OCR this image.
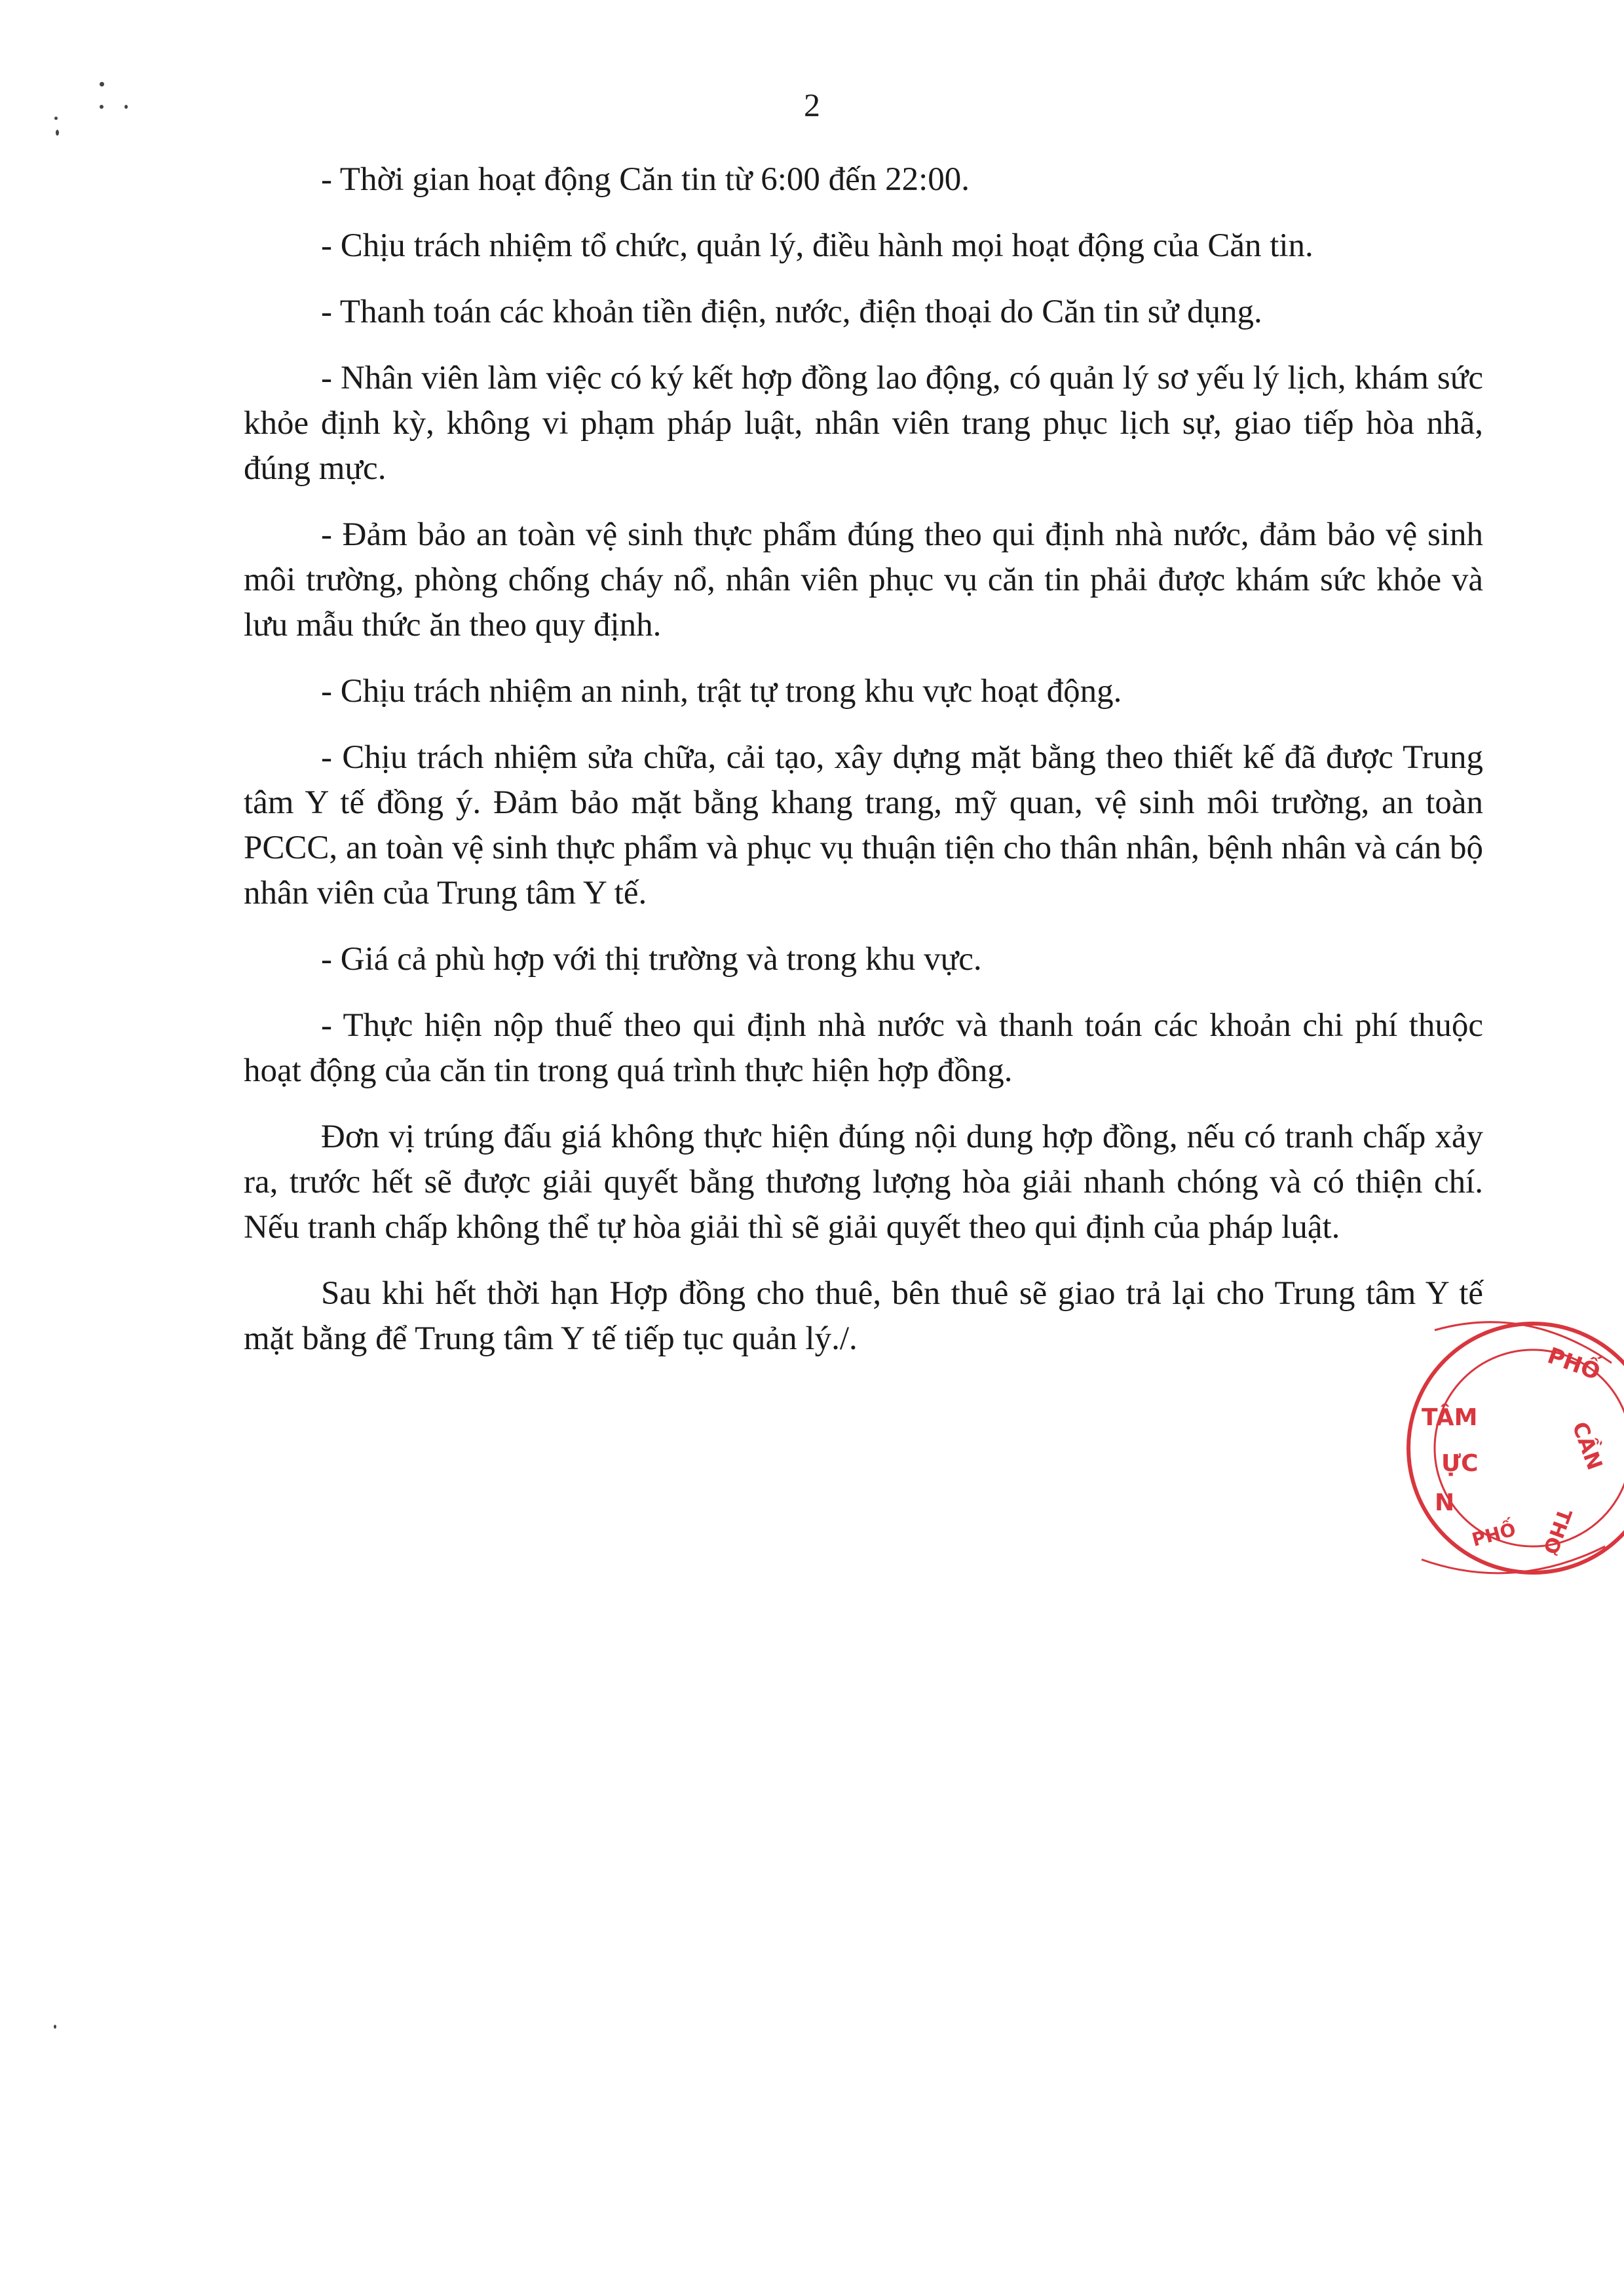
2

- Thời gian hoạt động Căn tin từ 6:00 đến 22:00.

- Chịu trách nhiệm tổ chức, quản lý, điều hành mọi hoạt động của Căn tin.

- Thanh toán các khoản tiền điện, nước, điện thoại do Căn tin sử dụng.

- Nhân viên làm việc có ký kết hợp đồng lao động, có quản lý sơ yếu lý lịch, khám sức khỏe định kỳ, không vi phạm pháp luật, nhân viên trang phục lịch sự, giao tiếp hòa nhã, đúng mực.

- Đảm bảo an toàn vệ sinh thực phẩm đúng theo qui định nhà nước, đảm bảo vệ sinh môi trường, phòng chống cháy nổ, nhân viên phục vụ căn tin phải được khám sức khỏe và lưu mẫu thức ăn theo quy định.

- Chịu trách nhiệm an ninh, trật tự trong khu vực hoạt động.

- Chịu trách nhiệm sửa chữa, cải tạo, xây dựng mặt bằng theo thiết kế đã được Trung tâm Y tế đồng ý. Đảm bảo mặt bằng khang trang, mỹ quan, vệ sinh môi trường, an toàn PCCC, an toàn vệ sinh thực phẩm và phục vụ thuận tiện cho thân nhân, bệnh nhân và cán bộ nhân viên của Trung tâm Y tế.

- Giá cả phù hợp với thị trường và trong khu vực.

- Thực hiện nộp thuế theo qui định nhà nước và thanh toán các khoản chi phí thuộc hoạt động của căn tin trong quá trình thực hiện hợp đồng.

Đơn vị trúng đấu giá không thực hiện đúng nội dung hợp đồng, nếu có tranh chấp xảy ra, trước hết sẽ được giải quyết bằng thương lượng hòa giải nhanh chóng và có thiện chí. Nếu tranh chấp không thể tự hòa giải thì sẽ giải quyết theo qui định của pháp luật.

Sau khi hết thời hạn Hợp đồng cho thuê, bên thuê sẽ giao trả lại cho Trung tâm Y tế mặt bằng để Trung tâm Y tế tiếp tục quản lý./.

PHỐ
TÂM
CẦN
ỰC
N
THƠ
PHỐ
